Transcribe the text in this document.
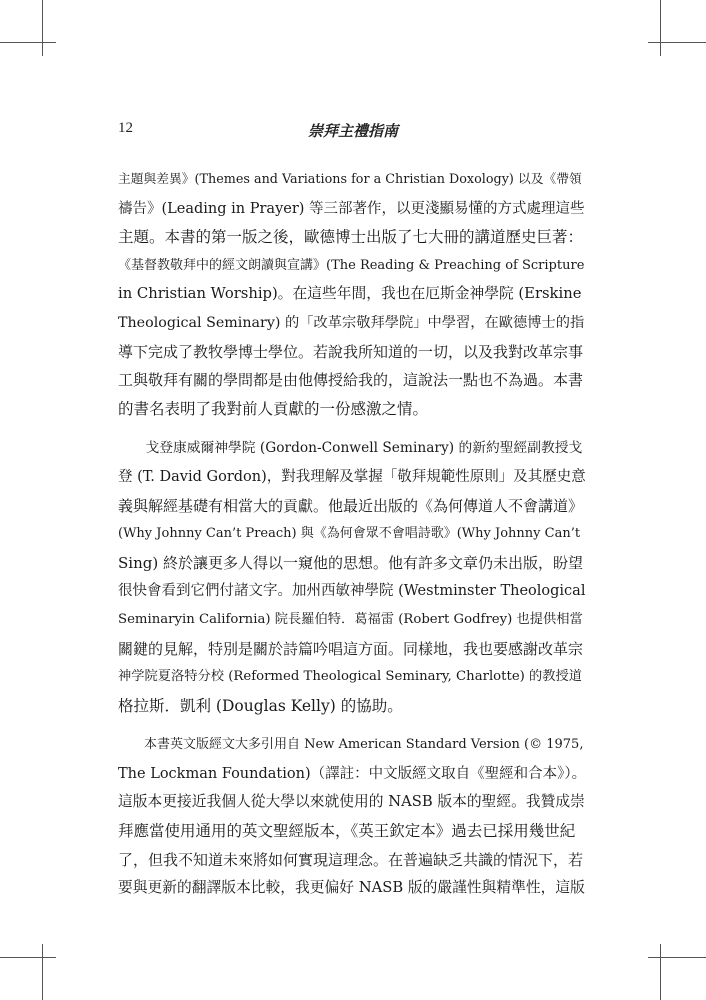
12	崇拜主禮指南
主題與差異》(Themes and Variations for a Christian Doxology) 以及《帶領
禱告》(Leading in Prayer) 等三部著作，以更淺顯易懂的方式處理這些
主題。本書的第一版之後，歐德博士出版了七大冊的講道歷史巨著：
《基督教敬拜中的經文朗讀與宣講》(The Reading & Preaching of Scripture
in Christian Worship)。在這些年間，我也在厄斯金神學院 (Erskine
Theological Seminary) 的「改革宗敬拜學院」中學習，在歐德博士的指
導下完成了教牧學博士學位。若說我所知道的一切，以及我對改革宗事
工與敬拜有關的學問都是由他傳授給我的，這說法一點也不為過。本書
的書名表明了我對前人貢獻的一份感激之情。
戈登康威爾神學院 (Gordon-Conwell Seminary) 的新約聖經副教授戈
登 (T. David Gordon)，對我理解及掌握「敬拜規範性原則」及其歷史意
義與解經基礎有相當大的貢獻。他最近出版的《為何傳道人不會講道》
(Why Johnny Can’t Preach) 與《為何會眾不會唱詩歌》(Why Johnny Can’t
Sing) 終於讓更多人得以一窺他的思想。他有許多文章仍未出版，盼望
很快會看到它們付諸文字。加州西敏神學院 (Westminster Theological
Seminaryin California) 院長羅伯特．葛福雷 (Robert Godfrey) 也提供相當
關鍵的見解，特別是關於詩篇吟唱這方面。同樣地，我也要感謝改革宗
神学院夏洛特分校 (Reformed Theological Seminary, Charlotte) 的教授道
格拉斯．凱利 (Douglas Kelly) 的協助。
本書英文版經文大多引用自 New American Standard Version (© 1975,
The Lockman Foundation)（譯註：中文版經文取自《聖經和合本》）。
這版本更接近我個人從大學以來就使用的 NASB 版本的聖經。我贊成崇
拜應當使用通用的英文聖經版本，《英王欽定本》過去已採用幾世紀
了，但我不知道未來將如何實現這理念。在普遍缺乏共識的情況下，若
要與更新的翻譯版本比較，我更偏好 NASB 版的嚴謹性與精準性，這版
